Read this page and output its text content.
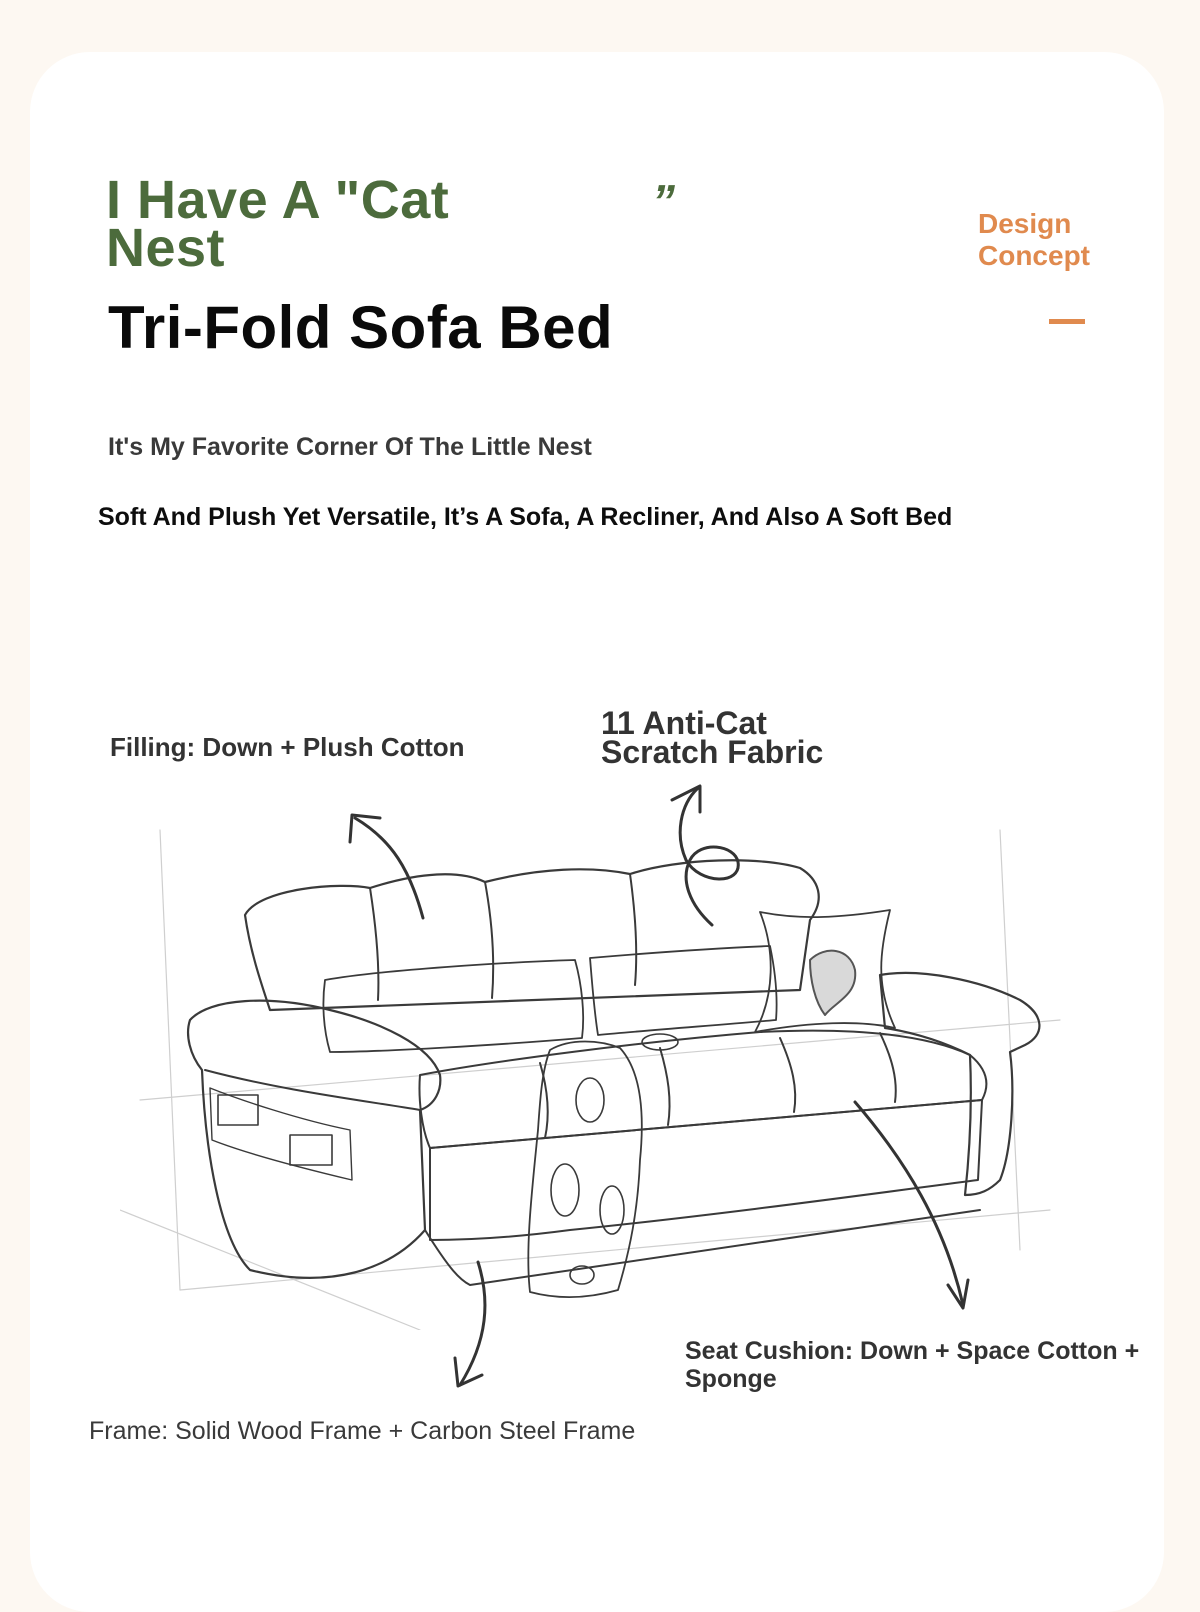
I Have A "Cat
Nest
”
Tri-Fold Sofa Bed
Design
Concept
It's My Favorite Corner Of The Little Nest
Soft And Plush Yet Versatile, It’s A Sofa, A Recliner, And Also A Soft Bed
Filling: Down + Plush Cotton
11 Anti-Cat
Scratch Fabric
Seat Cushion: Down + Space Cotton + Sponge
Frame: Solid Wood Frame + Carbon Steel Frame
